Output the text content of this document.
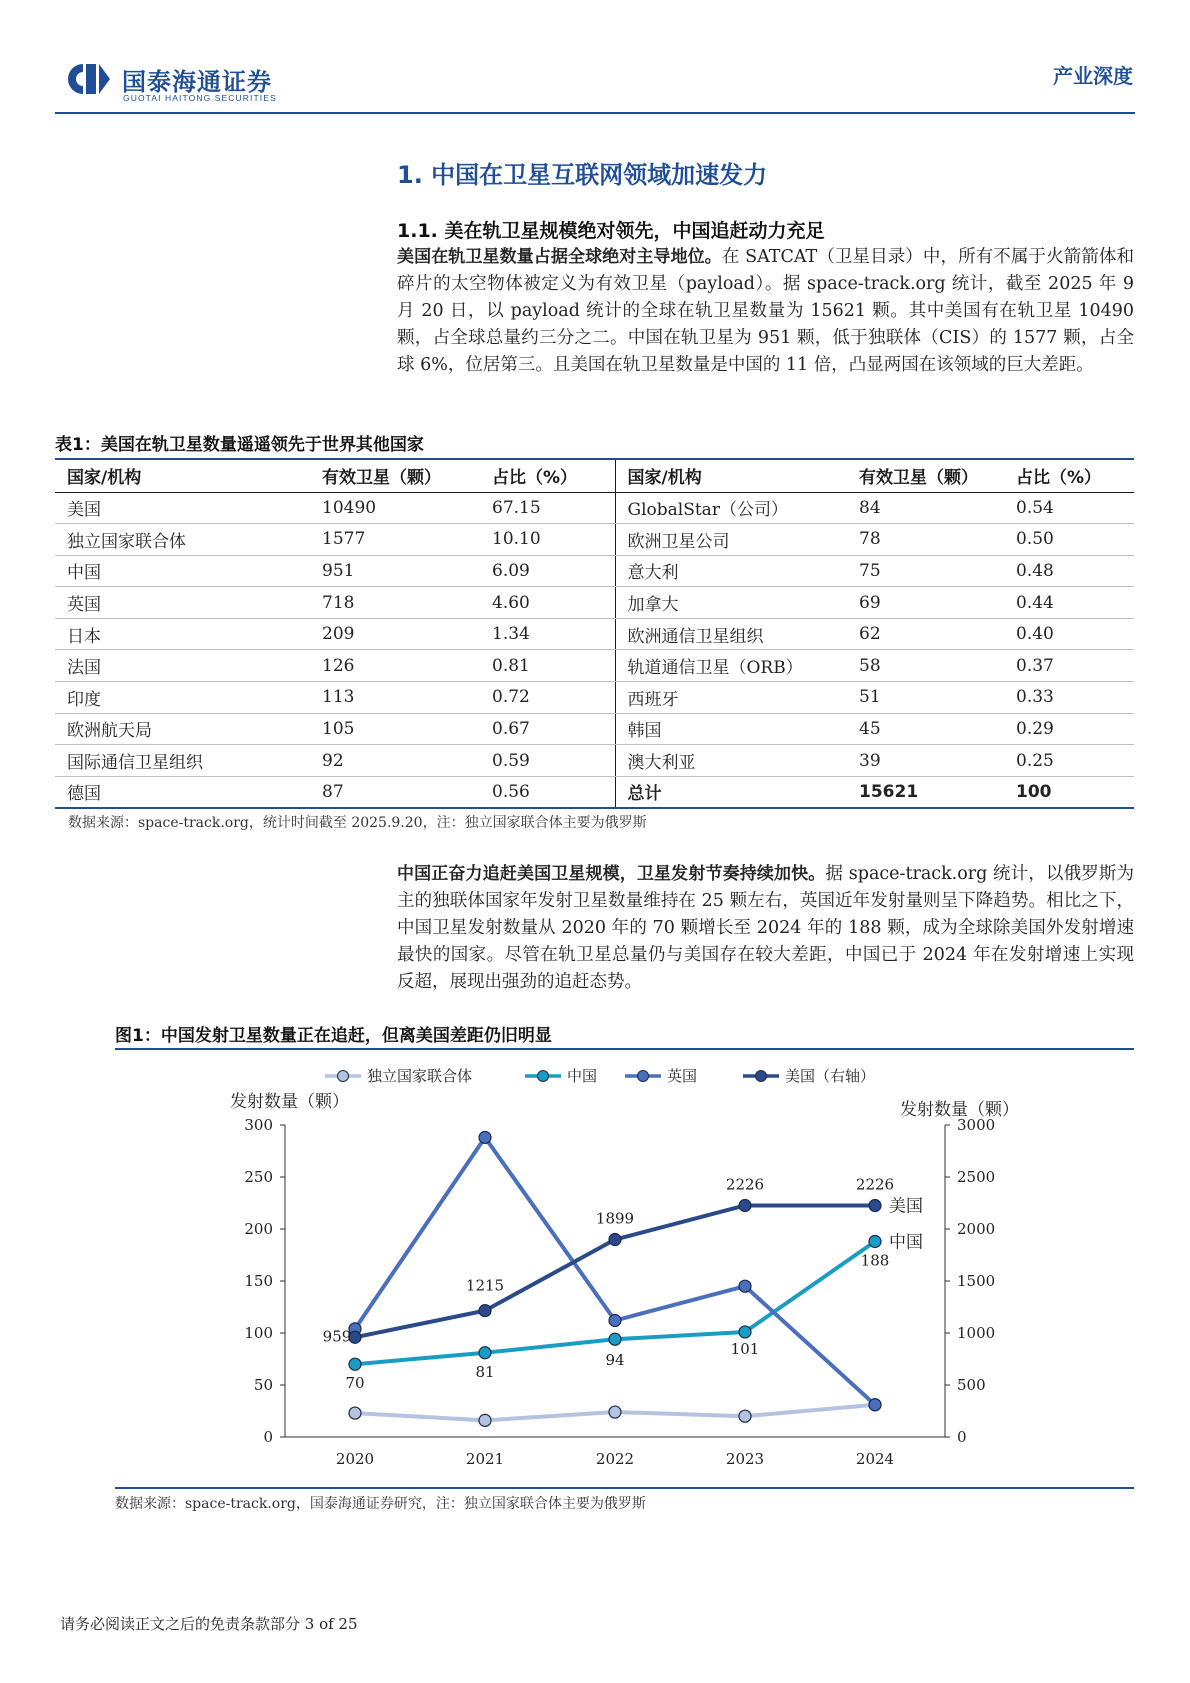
国泰海通证券
GUOTAI HAITONG SECURITIES
产业深度
1. 中国在卫星互联网领域加速发力
1.1. 美在轨卫星规模绝对领先，中国追赶动力充足
美国在轨卫星数量占据全球绝对主导地位。在 SATCAT（卫星目录）中，所有不属于火箭箭体和碎片的太空物体被定义为有效卫星（payload）。据 space-track.org 统计，截至 2025 年 9 月 20 日，以 payload 统计的全球在轨卫星数量为 15621 颗。其中美国有在轨卫星 10490 颗，占全球总量约三分之二。中国在轨卫星为 951 颗，低于独联体（CIS）的 1577 颗，占全球 6%，位居第三。且美国在轨卫星数量是中国的 11 倍，凸显两国在该领域的巨大差距。
表1：美国在轨卫星数量遥遥领先于世界其他国家
国家/机构	有效卫星（颗）	占比（%）	国家/机构	有效卫星（颗）	占比（%）
美国	10490	67.15	GlobalStar（公司）	84	0.54
独立国家联合体	1577	10.10	欧洲卫星公司	78	0.50
中国	951	6.09	意大利	75	0.48
英国	718	4.60	加拿大	69	0.44
日本	209	1.34	欧洲通信卫星组织	62	0.40
法国	126	0.81	轨道通信卫星（ORB）	58	0.37
印度	113	0.72	西班牙	51	0.33
欧洲航天局	105	0.67	韩国	45	0.29
国际通信卫星组织	92	0.59	澳大利亚	39	0.25
德国	87	0.56	总计	15621	100
数据来源：space-track.org，统计时间截至 2025.9.20，注：独立国家联合体主要为俄罗斯
中国正奋力追赶美国卫星规模，卫星发射节奏持续加快。据 space-track.org 统计，以俄罗斯为主的独联体国家年发射卫星数量维持在 25 颗左右，英国近年发射量则呈下降趋势。相比之下，中国卫星发射数量从 2020 年的 70 颗增长至 2024 年的 188 颗，成为全球除美国外发射增速最快的国家。尽管在轨卫星总量仍与美国存在较大差距，中国已于 2024 年在发射增速上实现反超，展现出强劲的追赶态势。
图1：中国发射卫星数量正在追赶，但离美国差距仍旧明显
0
50
100
150
200
250
300
0
500
1000
1500
2000
2500
3000
2020	2021	2022	2023	2024
发射数量（颗）	发射数量（颗）
独立国家联合体	中国	英国	美国（右轴）
70
81
94
101
188
959
1215
1899
2226	2226
美国
中国
数据来源：space-track.org，国泰海通证券研究，注：独立国家联合体主要为俄罗斯
请务必阅读正文之后的免责条款部分 3 of 25
